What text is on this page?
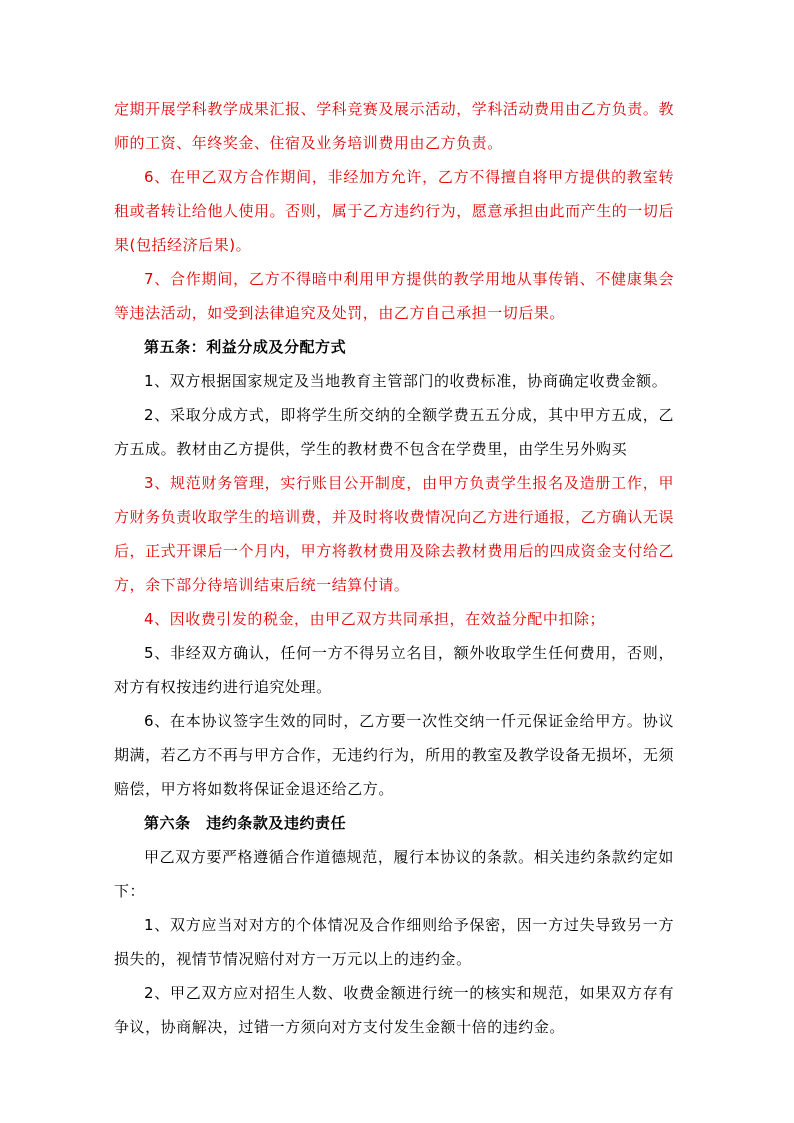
定期开展学科教学成果汇报、学科竞赛及展示活动，学科活动费用由乙方负责。教师的工资、年终奖金、住宿及业务培训费用由乙方负责。

6、在甲乙双方合作期间，非经加方允许，乙方不得擅自将甲方提供的教室转租或者转让给他人使用。否则，属于乙方违约行为，愿意承担由此而产生的一切后果(包括经济后果)。

7、合作期间，乙方不得暗中利用甲方提供的教学用地从事传销、不健康集会等违法活动，如受到法律追究及处罚，由乙方自己承担一切后果。

第五条：利益分成及分配方式

1、双方根据国家规定及当地教育主管部门的收费标准，协商确定收费金额。

2、采取分成方式，即将学生所交纳的全额学费五五分成，其中甲方五成，乙方五成。教材由乙方提供，学生的教材费不包含在学费里，由学生另外购买

3、规范财务管理，实行账目公开制度，由甲方负责学生报名及造册工作，甲方财务负责收取学生的培训费，并及时将收费情况向乙方进行通报，乙方确认无误后，正式开课后一个月内，甲方将教材费用及除去教材费用后的四成资金支付给乙方，余下部分待培训结束后统一结算付请。

4、因收费引发的税金，由甲乙双方共同承担，在效益分配中扣除；

5、非经双方确认，任何一方不得另立名目，额外收取学生任何费用，否则，对方有权按违约进行追究处理。

6、在本协议签字生效的同时，乙方要一次性交纳一仟元保证金给甲方。协议期满，若乙方不再与甲方合作，无违约行为，所用的教室及教学设备无损坏，无须赔偿，甲方将如数将保证金退还给乙方。

第六条　违约条款及违约责任

甲乙双方要严格遵循合作道德规范，履行本协议的条款。相关违约条款约定如下：

1、双方应当对对方的个体情况及合作细则给予保密，因一方过失导致另一方损失的，视情节情况赔付对方一万元以上的违约金。

2、甲乙双方应对招生人数、收费金额进行统一的核实和规范，如果双方存有争议，协商解决，过错一方须向对方支付发生金额十倍的违约金。
